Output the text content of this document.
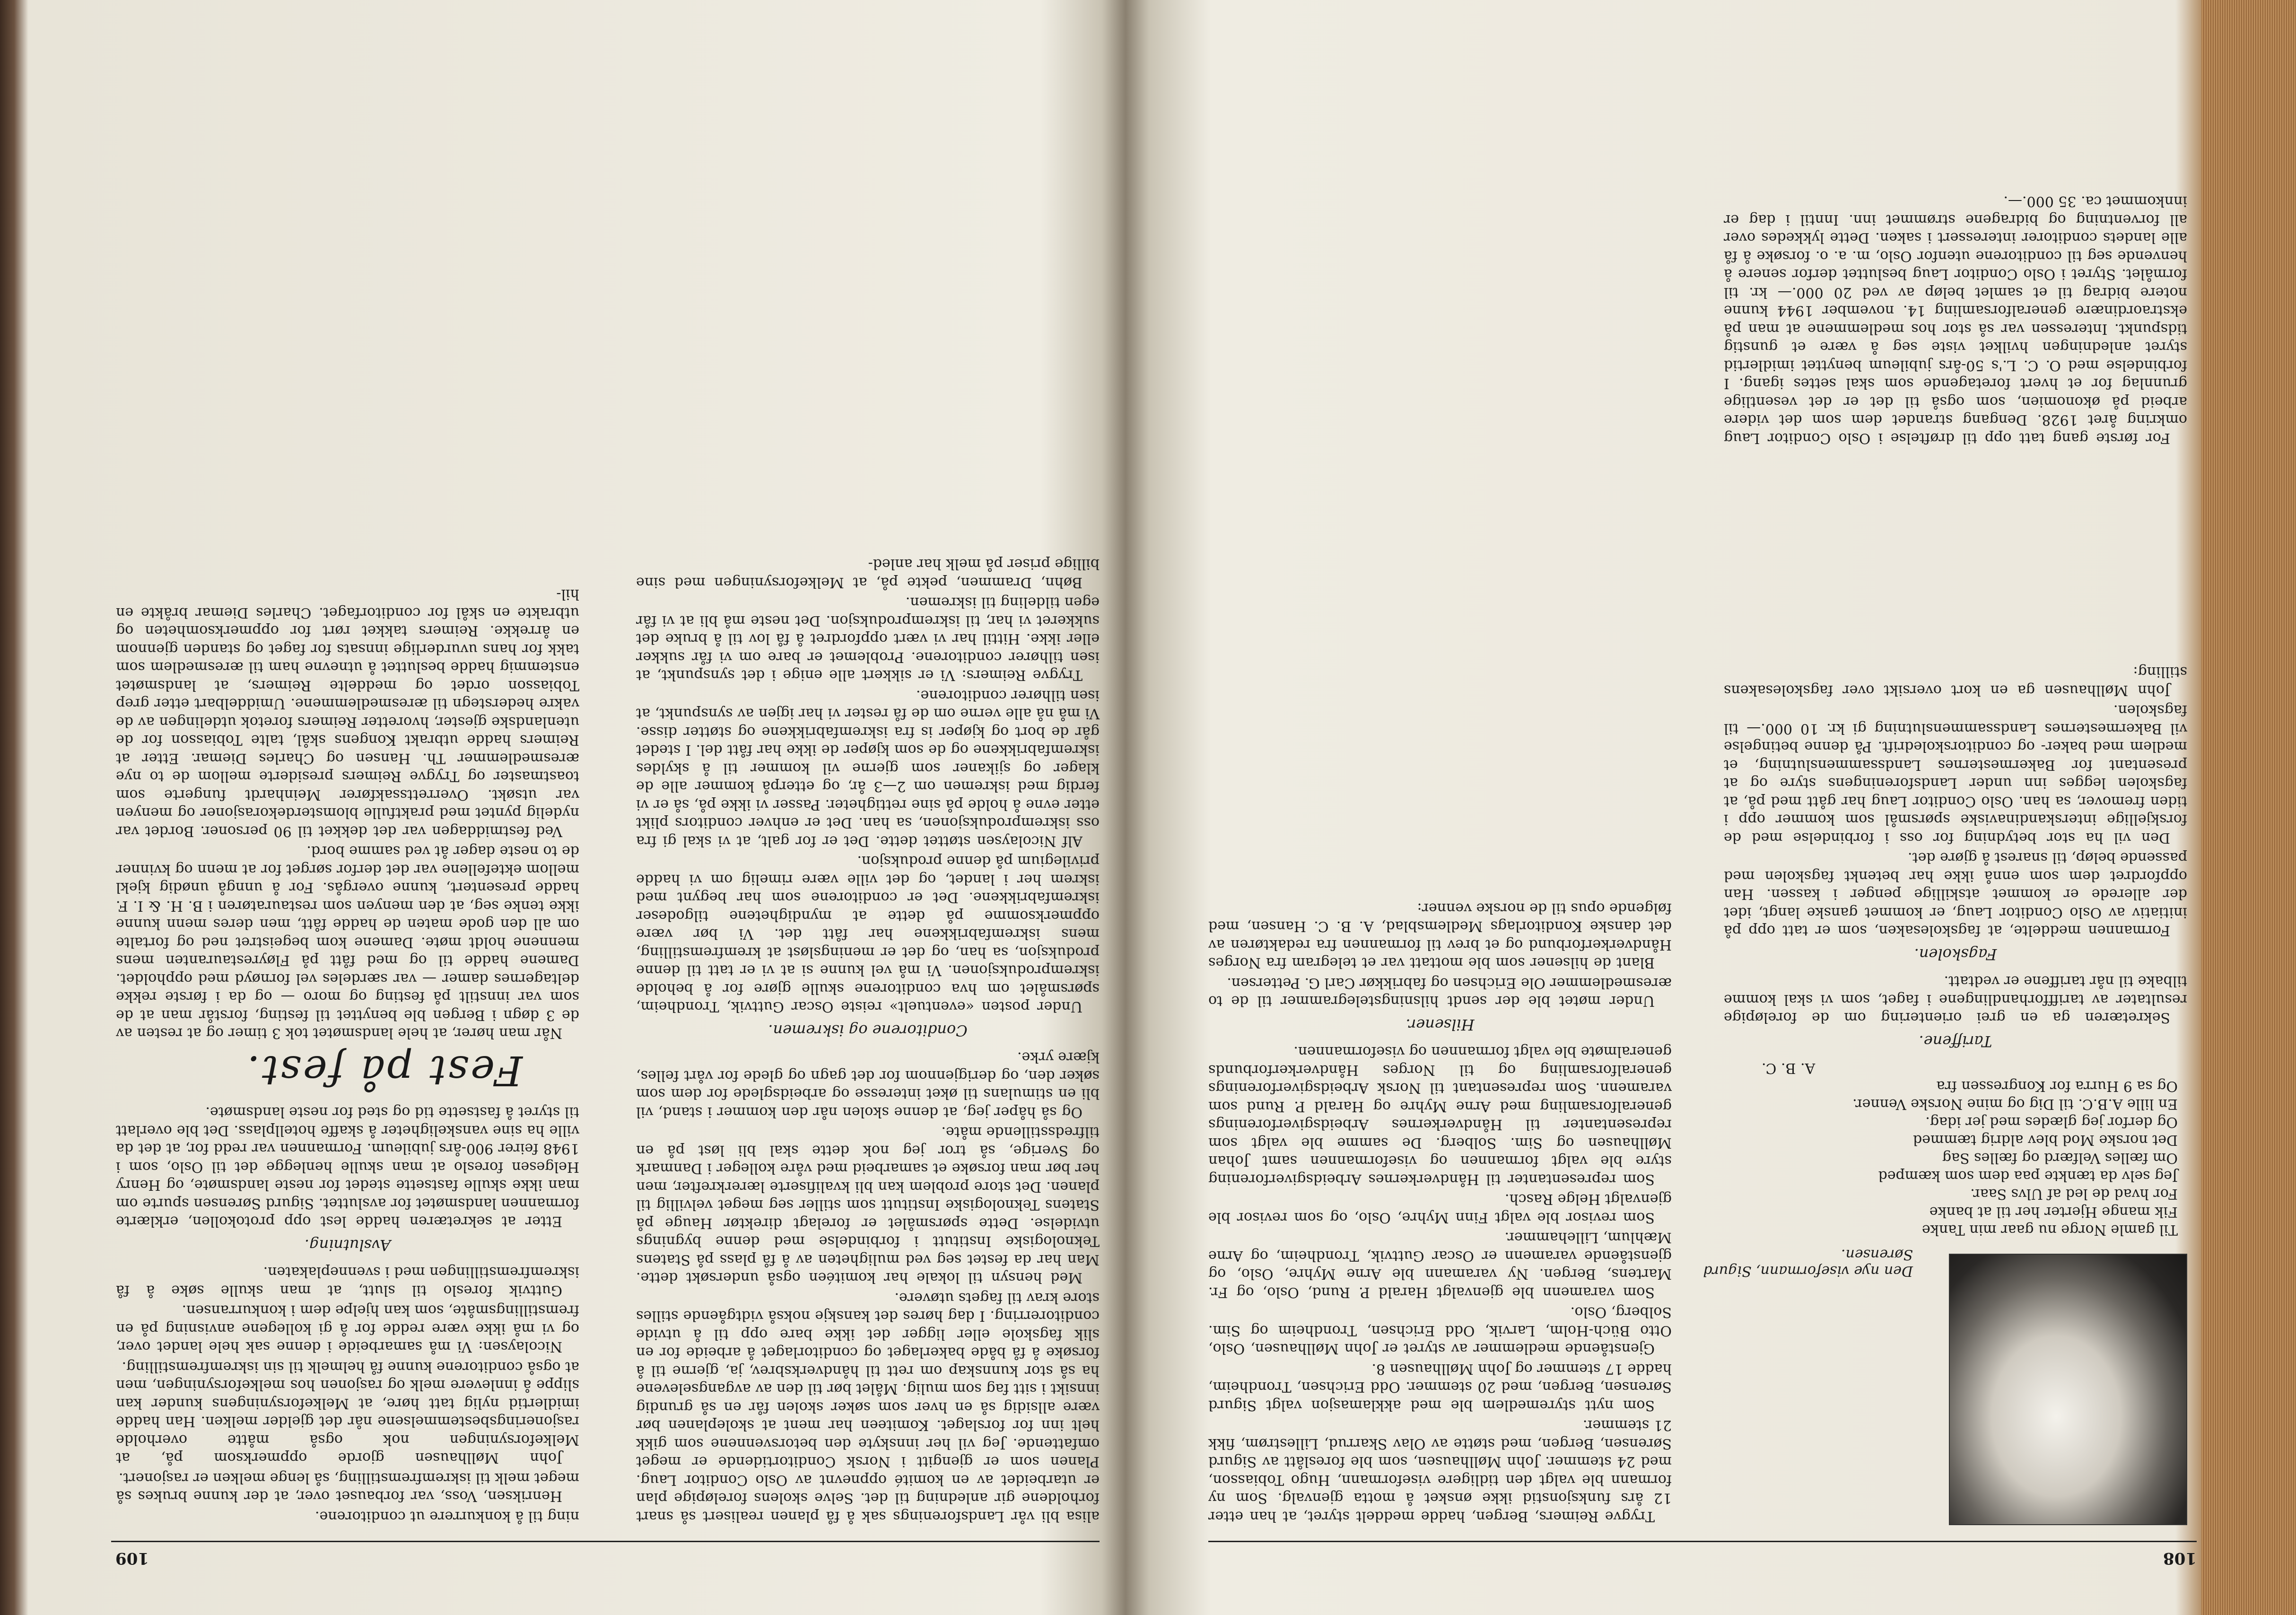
108
Den nye viseformann, Sigurd Sørensen.
Til gamle Norge nu gaar min Tanke
Fik mange Hjerter her til at banke
For hvad de led af Ulvs Saar.
Jeg selv da tænkte paa dem som kæmped
Om fælles Velfærd og fælles Sag
Det norske Mod blev aldrig tæmmed
Og derfor jeg glædes med jer idag.
En lille A.B.C. til Dig og mine Norske Venner.
Og sa 9 Hurra for Kongressen fra
A. B. C.
Tariffene.

Sekretæren ga en grei orientering om de foreløpige resultater av tariffforhandlingene i faget, som vi skal komme tilbake til når tariffene er vedtatt.

Fagskolen.

Formannen meddelte, at fagskolesaken, som er tatt opp på initiativ av Oslo Conditor Laug, er kommet ganske langt, idet der allerede er kommet atskillige penger i kassen. Han oppfordret dem som ennå ikke har betenkt fagskolen med passende beløp, til snarest å gjøre det.

Den vil ha stor betydning for oss i forbindelse med de forskjellige interskandinaviske spørsmål som kommer opp i tiden fremover, sa han. Oslo Conditor Laug har gått med på, at fagskolen legges inn under Landsforeningens styre og at presentant for Bakermesternes Landssammenslutning, et medlem med baker- og conditorskoledrift. På denne betingelse vil Bakermesternes Landssammenslutning gi kr. 10 000.— til fagskolen.

John Møllhausen ga en kort oversikt over fagskolesakens stilling:

Trygve Reimers, Bergen, hadde meddelt styret, at han etter 12 års funksjonstid ikke ønsket å motta gjenvalg. Som ny formann ble valgt den tidligere viseformann, Hugo Tobiasson, med 24 stemmer. John Møllhausen, som ble foreslått av Sigurd Sørensen, Bergen, med støtte av Olav Skarrud, Lillestrøm, fikk 21 stemmer.

Som nytt styremedlem ble med akklamasjon valgt Sigurd Sørensen, Bergen, med 20 stemmer. Odd Erichsen, Trondheim, hadde 17 stemmer og John Møllhausen 8.

Gjenstående medlemmer av styret er John Møllhausen, Oslo, Otto Büch-Holm, Larvik, Odd Erichsen, Trondheim og Sim. Solberg, Oslo.

Som varamenn ble gjenvalgt Harald P. Rund, Oslo, og Fr. Martens, Bergen. Ny varamann ble Arne Myhre, Oslo, og gjenstående varamenn er Oscar Guttvik, Trondheim, og Arne Mæhlum, Lillehammer.

Som revisor ble valgt Finn Myhre, Oslo, og som revisor ble gjenvalgt Helge Rasch.

Som representanter til Håndverkernes Arbeidsgiverforening styre ble valgt formannen og viseformannen samt Johan Møllhausen og Sim. Solberg. De samme ble valgt som representanter til Håndverkernes Arbeidsgiverforenings generalforsamling med Arne Myhre og Harald P. Rund som varamenn. Som representant til Norsk Arbeidsgiverforenings generalforsamling og til Norges Håndverkerforbunds generalmøte ble valgt formannen og viseformannen.

Hilsener.

Under møtet ble der sendt hilsningstelegrammer til de to æresmedlemmer Ole Erichsen og fabrikkør Carl G. Pettersen.

Blant de hilsener som ble mottatt var et telegram fra Norges Håndverkerforbund og et brev til formannen fra redaktøren av det danske Konditorlags Medlemsblad, A. B. C. Hansen, med følgende opus til de norske venner:

For første gang tatt opp til drøftelse i Oslo Conditor Laug omkring året 1928. Dengang strandet dem som det videre arbeid på økonomien, som også til det er det vesentlige grunnlag for et hvert foretagende som skal settes igang. I forbindelse med O. C. L.'s 50-års jubileum benyttet imidlertid styret anledningen hvilket viste seg å være et gunstig tidspunkt. Interessen var så stor hos medlemmene at man på ekstraordinære generalforsamling 14. november 1944 kunne notere bidrag til et samlet beløp av ved 20 000.— kr. til formålet. Styret i Oslo Conditor Laug besluttet derfor senere å henvende seg til conditorene utenfor Oslo, m. a. o. forsøke å få alle landets conditorer interessert i saken. Dette lykkedes over all forventning og bidragene strømmet inn. Inntil i dag er innkommet ca. 35 000.—.

109

alisa bli vår Landsforenings sak å få planen realisert så snart forholdene gir anledning til det. Selve skolens foreløpige plan er utarbeidet av en komité oppnevnt av Oslo Conditor Laug. Planen som er gjengitt i Norsk Conditortidende er meget omfattende. Jeg vil her innskyte den betorsvennene som gikk helt inn for forslaget. Komiteen har ment at skoleplanen bør være allsidig så en hver som søker skolen får en så grundig innsikt i sitt fag som mulig. Målet bør til den av avgangselevene ha så stor kunnskap om rett til håndverksbrev, ja, gjerne til å forsøke å få både bakerlaget og conditorlaget å arbeide for en slik fagskole eller ligger det ikke bare opp til å utvide conditorerring. I dag høres det kanskje nokså vidtgående stilles store krav til fagets utøvere.

Med hensyn til lokale har komitéen også undersøkt dette. Man har da festet seg ved muligheten av å få plass på Statens Teknologiske Institutt i forbindelse med denne bygnings utvidelse. Dette spørsmålet er forelagt direktør Hauge på Statens Teknologiske Institutt som stiller seg meget velvillig til planen. Det store problem kan bli kvalifiserte lærerkrefter, men her bør man forsøke et samarbeid med våre kolleger i Danmark og Sverige, så tror jeg nok dette skal bli løst på en tilfredsstillende måte.

Og så håper jeg, at denne skolen når den kommer i stand, vil bli en stimulans til øket interesse og arbeidsglede for dem som søker den, og derigjennom for det gagn og glede for vårt felles, kjære yrke.

Conditorene og iskremen.

Under posten «eventuelt» reiste Oscar Guttvik, Trondheim, spørsmålet om hva conditorene skulle gjøre for å beholde iskremproduksjonen. Vi må vel kunne si at vi er tatt til denne produksjon, sa han, og det er meningsløst at kremfremstilling, mens iskremfabrikkene har fått det. Vi bør være oppmerksomme på dette at myndighetene tilgodeser iskremfabrikkene. Det er conditorene som har begynt med iskrem her i landet, og det ville være rimelig om vi hadde privilegium på denne produksjon.

Alf Nicolaysen støttet dette. Det er for galt, at vi skal gi fra oss iskremproduksjonen, sa han. Det er enhver conditors plikt etter evne å holde på sine rettigheter. Passer vi ikke på, så er vi ferdig med iskremen om 2—3 år, og etterpå kommer alle de klager og sjikaner som gjerne vil kommer til å skyldes iskremfabrikkene og de som kjøper de ikke har fått del. I stedet går de bort og kjøper is fra iskremfabrikkene og støtter disse. Vi må nå alle verne om de få rester vi har igjen av synspunkt, at isen tilhører conditorene.

Trygve Reimers: Vi er sikkert alle enige i det synspunkt, at isen tilhører conditorene. Problemet er bare om vi får sukker eller ikke. Hittil har vi vært oppfordret å få lov til å bruke det sukkeret vi har, til iskremproduksjon. Det neste må bli at vi får egen tildeling til iskremen.

Bøhn, Drammen, pekte på, at Melkeforsyningen med sine billige priser på melk har anled-

ning til å konkurrere ut conditorene.

Henriksen, Voss, var forbauset over, at der kunne brukes så meget melk til iskremfremstilling, så lenge melken er rasjonert.

John Møllhausen gjorde oppmerksom på, at Melkeforsyningen nok også måtte overholde rasjoneringsbestemmelsene når det gjelder melken. Han hadde imidlertid nylig tatt høre, at Melkeforsyningens kunder kan slippe å innlevere melk og rasjonen hos melkeforsyningen, men at også conditorene kunne få helmelk til sin iskremfremstilling.

Nicolaysen: Vi må samarbeide i denne sak hele landet over, og vi må ikke være redde for å gi kollegene anvisning på en fremstillingsmåte, som kan hjelpe dem i konkurransen.

Guttvik foreslo til slutt, at man skulle søke å få iskremfremstillingen med i svenneplakaten.

Avslutning.

Etter at sekretæren hadde lest opp protokollen, erklærte formannen landsmøtet for avsluttet. Sigurd Sørensen spurte om man ikke skulle fastsette stedet for neste landsmøte, og Henry Helgesen foreslo at man skulle henlegge det til Oslo, som i 1948 feirer 900-års jubileum. Formannen var redd for, at det da ville ha sine vanskeligheter å skaffe hotellplass. Det ble overlatt til styret å fastsette tid og sted for neste landsmøte.

Fest på fest.

Når man hører, at hele landsmøtet tok 3 timer og at resten av de 3 døgn i Bergen ble benyttet til festing, forstår man at de som var innstilt på festing og moro — og da i første rekke deltagernes damer — var særdeles vel fornøyd med oppholdet. Damene hadde til og med fått på Fløyrestauranten mens mennene holdt møte. Damene kom begeistret ned og fortalte om all den gode maten de hadde fått, men deres menn kunne ikke tenke seg, at den menyen som restauratøren i B. H. & I. F. hadde presentert, kunne overgås. For å unngå unødig kjekl mellom ektefellene var det derfor sørget for at menn og kvinner de to neste dager åt ved samme bord.

Ved festmiddagen var det dekket til 90 personer. Bordet var nydelig pyntet med praktfulle blomsterdekorasjoner og menyen var utsøkt. Overrettssakfører Meinhardt fungerte som toastmaster og Trygve Reimers presiderte mellom de to nye æresmedlemmer Th. Hansen og Charles Diemar. Etter at Reimers hadde utbrakt Kongens skål, talte Tobiasson for de utenlandske gjester, hvoretter Reimers foretok utdelingen av de vakre hederstegn til æresmedlemmene. Umiddelbart etter grep Tobiasson ordet og meddelte Reimers, at landsmøtet enstemmig hadde besluttet å utnevne ham til æresmedlem som takk for hans uvurderlige innsats for faget og standen gjennom en årrekke. Reimers takket rørt for oppmerksomheten og utbrakte en skål for conditorfaget. Charles Diemar bråkte en hil-
